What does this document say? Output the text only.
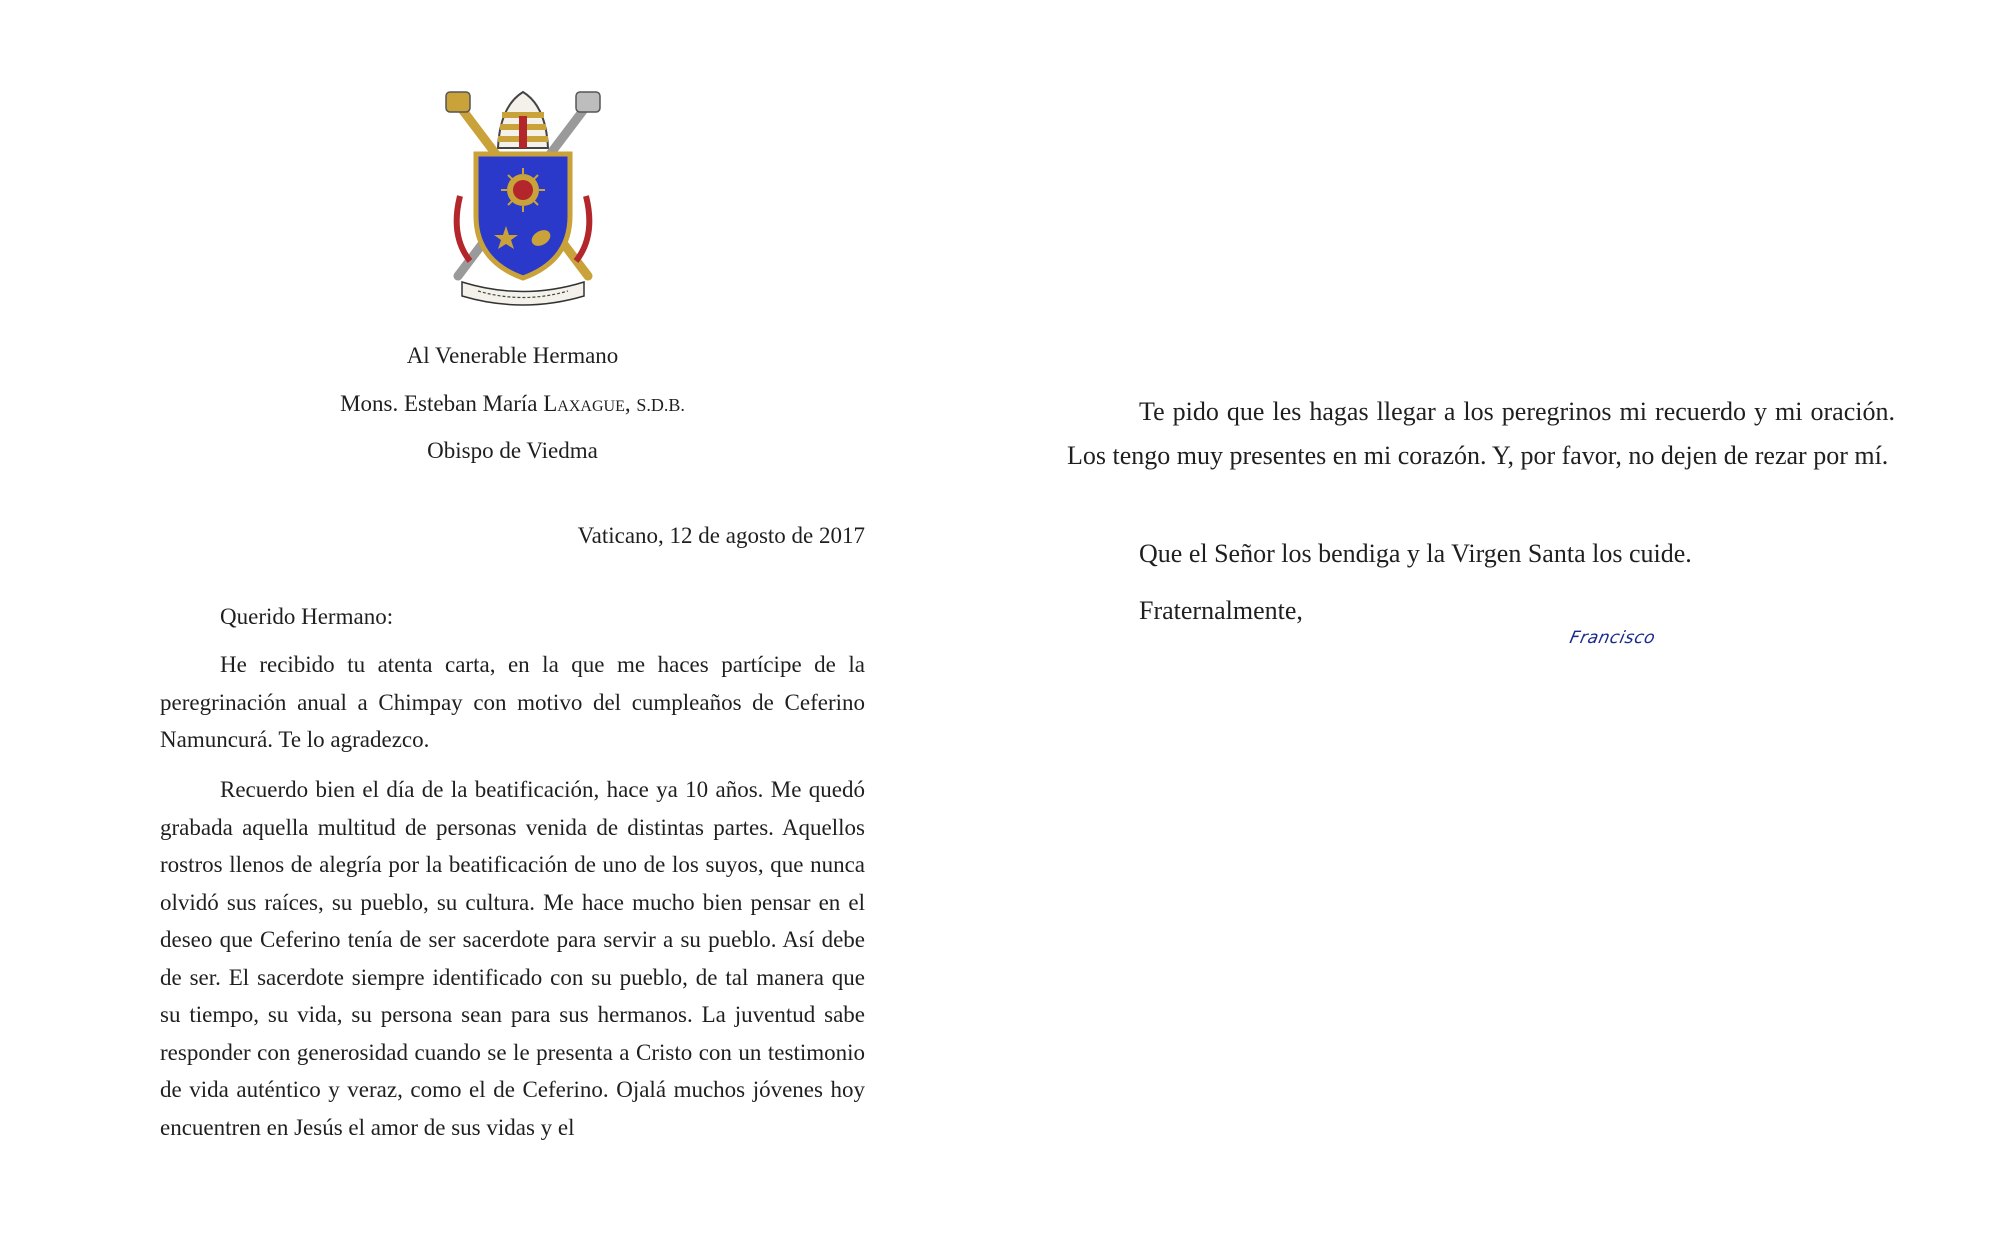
Al Venerable Hermano

Mons. Esteban María Laxague, S.D.B.

Obispo de Viedma

Vaticano, 12 de agosto de 2017

Querido Hermano:

He recibido tu atenta carta, en la que me haces partícipe de la peregrinación anual a Chimpay con motivo del cumpleaños de Ceferino Namuncurá. Te lo agradezco.

Recuerdo bien el día de la beatificación, hace ya 10 años. Me quedó grabada aquella multitud de personas venida de distintas partes. Aquellos rostros llenos de alegría por la beatificación de uno de los suyos, que nunca olvidó sus raíces, su pueblo, su cultura. Me hace mucho bien pensar en el deseo que Ceferino tenía de ser sacerdote para servir a su pueblo. Así debe de ser. El sacerdote siempre identificado con su pueblo, de tal manera que su tiempo, su vida, su persona sean para sus hermanos. La juventud sabe responder con generosidad cuando se le presenta a Cristo con un testimonio de vida auténtico y veraz, como el de Ceferino. Ojalá muchos jóvenes hoy encuentren en Jesús el amor de sus vidas y el

Te pido que les hagas llegar a los peregrinos mi recuerdo y mi oración. Los tengo muy presentes en mi corazón. Y, por favor, no dejen de rezar por mí.

Que el Señor los bendiga y la Virgen Santa los cuide.

Fraternalmente,

Francisco
